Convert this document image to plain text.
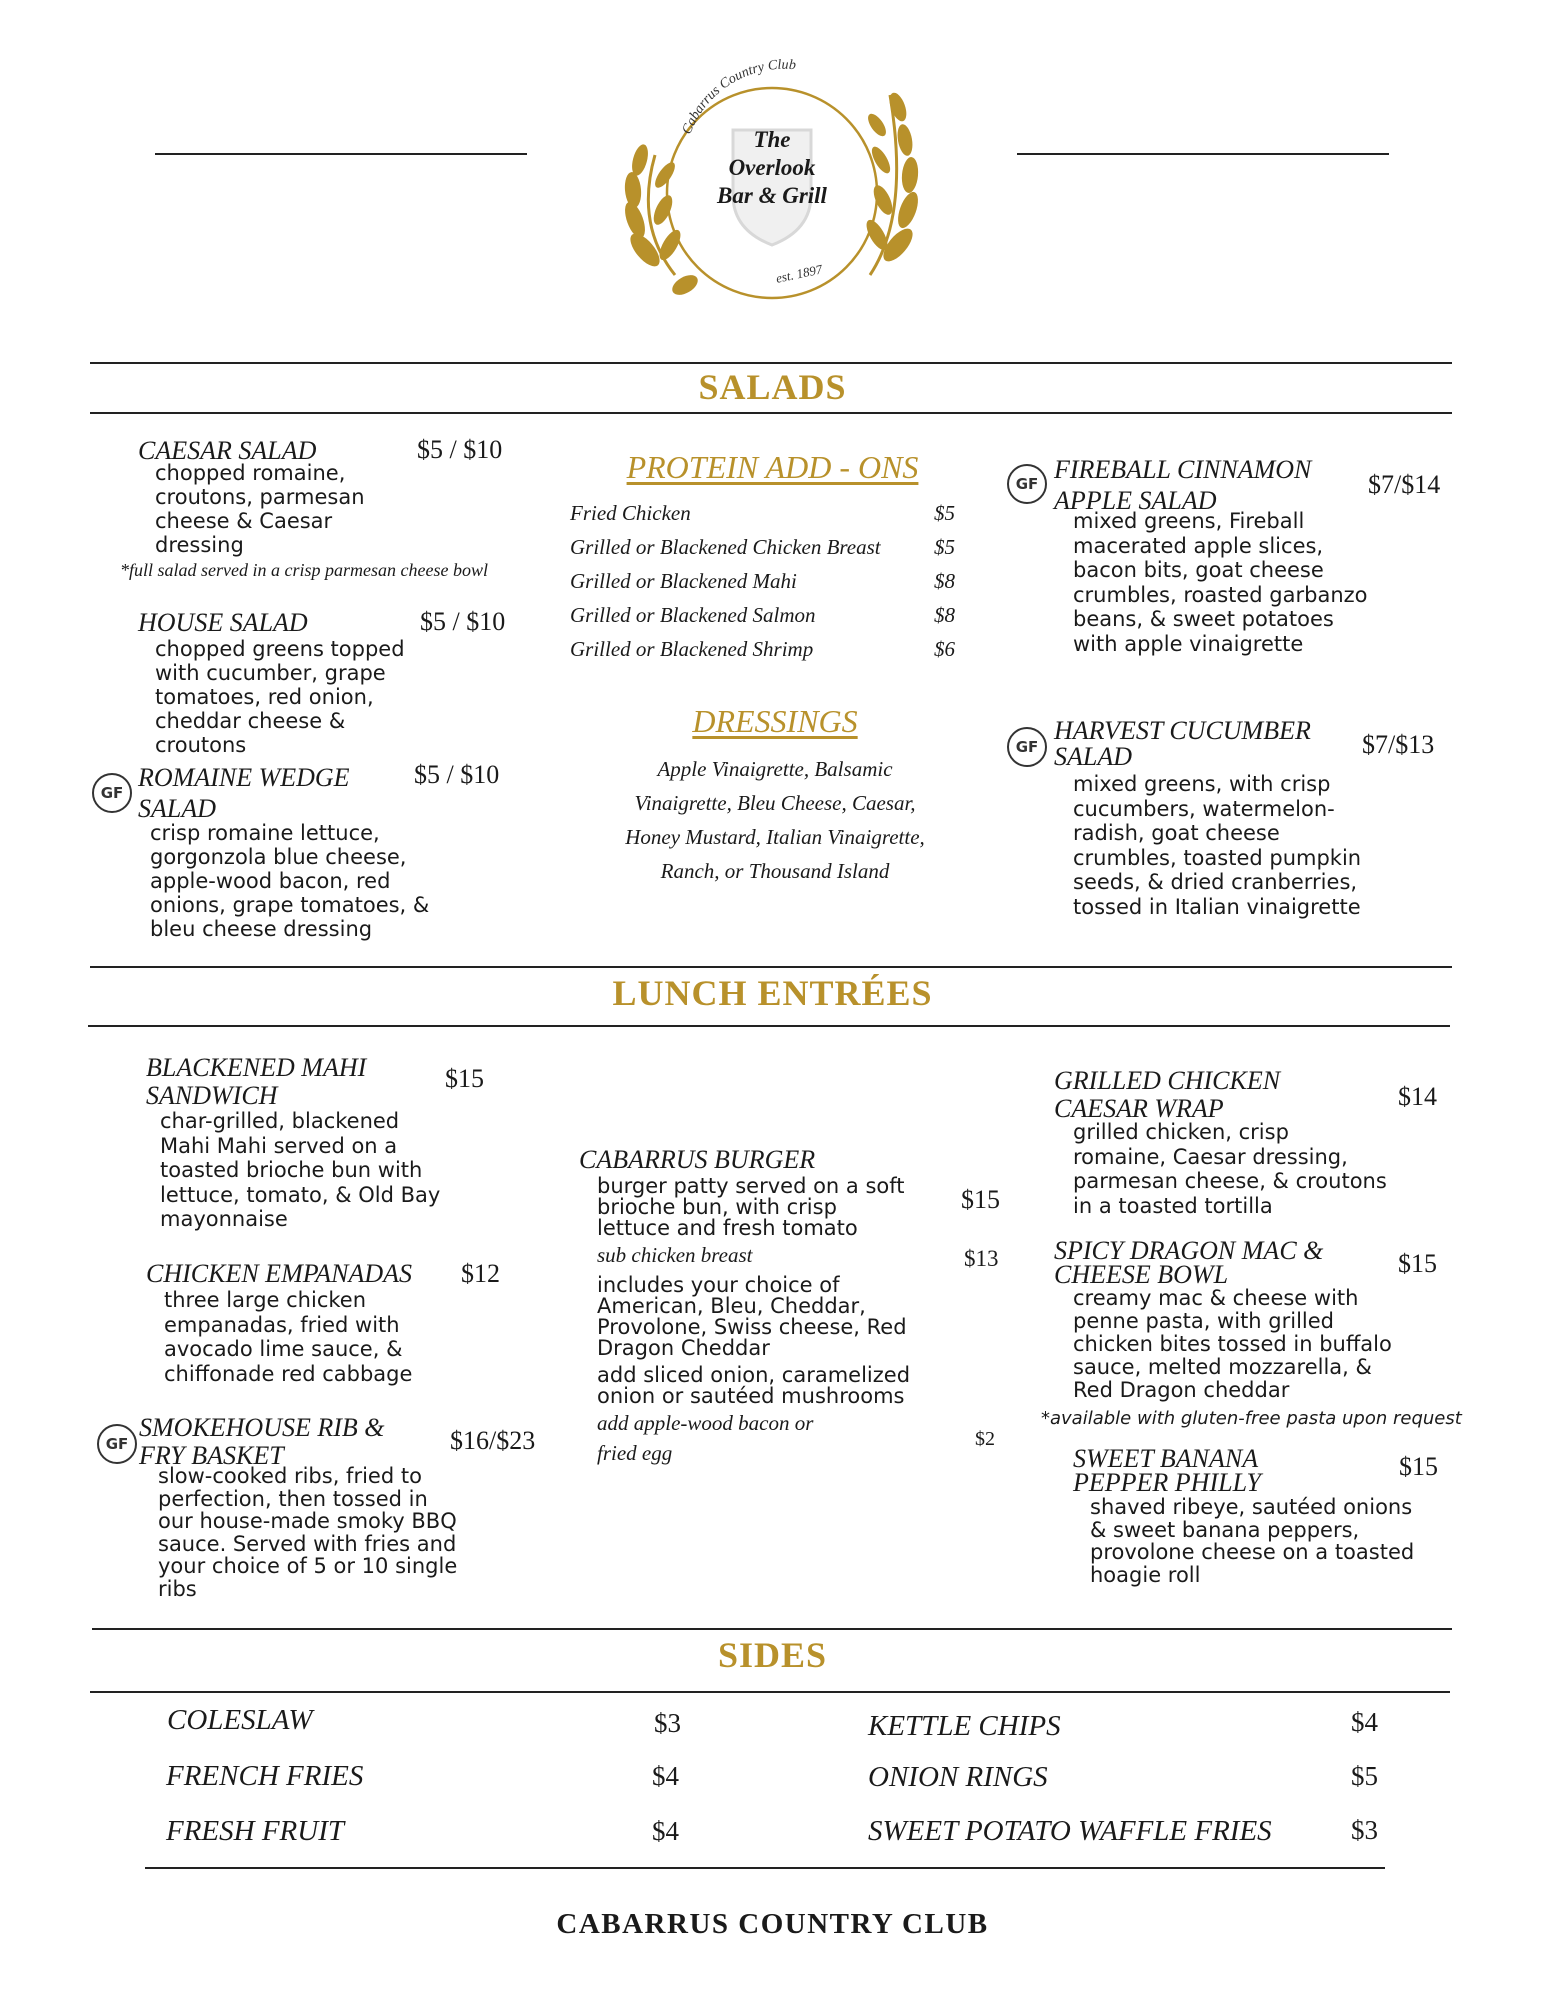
Cabarrus Country Club
The
Overlook
Bar & Grill
est. 1897
SALADS
CAESAR SALAD	$5 / $10
chopped romaine,
croutons, parmesan
cheese & Caesar
dressing
*full salad served in a crisp parmesan cheese bowl
HOUSE SALAD	$5 / $10
chopped greens topped
with cucumber, grape
tomatoes, red onion,
cheddar cheese &
croutons
GF
ROMAINE WEDGE
SALAD
$5 / $10
crisp romaine lettuce,
gorgonzola blue cheese,
apple-wood bacon, red
onions, grape tomatoes, &
bleu cheese dressing
PROTEIN ADD - ONS
Fried Chicken	$5
Grilled or Blackened Chicken Breast	$5
Grilled or Blackened Mahi	$8
Grilled or Blackened Salmon	$8
Grilled or Blackened Shrimp	$6
DRESSINGS
Apple Vinaigrette, Balsamic
Vinaigrette, Bleu Cheese, Caesar,
Honey Mustard, Italian Vinaigrette,
Ranch, or Thousand Island
GF FIREBALL CINNAMON
APPLE SALAD
$7/$14
mixed greens, Fireball
macerated apple slices,
bacon bits, goat cheese
crumbles, roasted garbanzo
beans, & sweet potatoes
with apple vinaigrette
GF
HARVEST CUCUMBER
SALAD	$7/$13
mixed greens, with crisp
cucumbers, watermelon-
radish, goat cheese
crumbles, toasted pumpkin
seeds, & dried cranberries,
tossed in Italian vinaigrette
LUNCH ENTRÉES
BLACKENED MAHI
SANDWICH
$15
char-grilled, blackened
Mahi Mahi served on a
toasted brioche bun with
lettuce, tomato, & Old Bay
mayonnaise
CHICKEN EMPANADAS $12
three large chicken
empanadas, fried with
avocado lime sauce, &
chiffonade red cabbage
GF
SMOKEHOUSE RIB &
FRY BASKET
$16/$23
slow-cooked ribs, fried to
perfection, then tossed in
our house-made smoky BBQ
sauce. Served with fries and
your choice of 5 or 10 single
ribs
CABARRUS BURGER
burger patty served on a soft
brioche bun, with crisp
lettuce and fresh tomato
$15
sub chicken breast	$13
includes your choice of
American, Bleu, Cheddar,
Provolone, Swiss cheese, Red
Dragon Cheddar
add sliced onion, caramelized
onion or sautéed mushrooms
add apple-wood bacon or
fried egg
$2
GRILLED CHICKEN
CAESAR WRAP	$14
grilled chicken, crisp
romaine, Caesar dressing,
parmesan cheese, & croutons
in a toasted tortilla
SPICY DRAGON MAC &
CHEESE BOWL	$15
creamy mac & cheese with
penne pasta, with grilled
chicken bites tossed in buffalo
sauce, melted mozzarella, &
Red Dragon cheddar
*available with gluten-free pasta upon request
SWEET BANANA
PEPPER PHILLY
$15
shaved ribeye, sautéed onions
& sweet banana peppers,
provolone cheese on a toasted
hoagie roll
SIDES
COLESLAW	$3
FRENCH FRIES	$4
FRESH FRUIT	$4
KETTLE CHIPS	$4
ONION RINGS	$5
SWEET POTATO WAFFLE FRIES	$3
CABARRUS COUNTRY CLUB
